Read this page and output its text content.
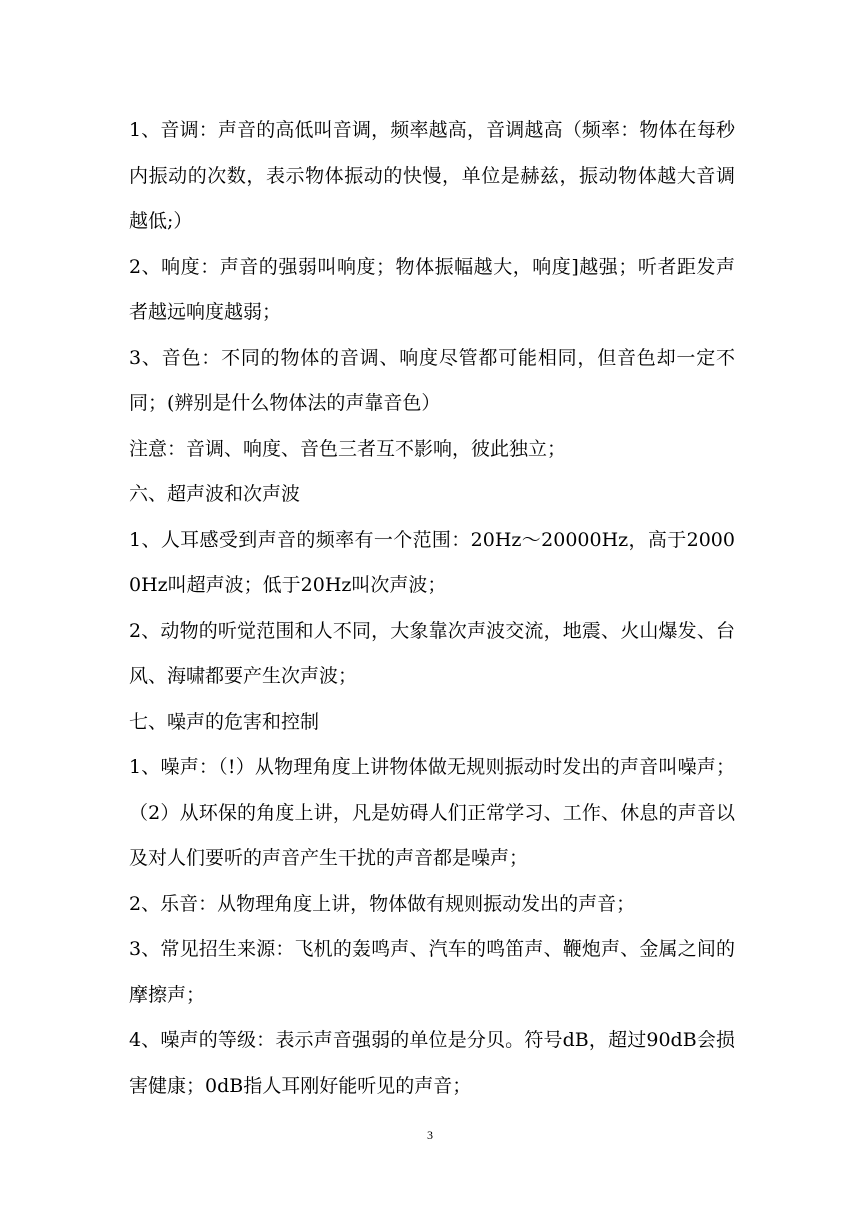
1、音调：声音的高低叫音调，频率越高，音调越高（频率：物体在每秒内振动的次数，表示物体振动的快慢，单位是赫兹，振动物体越大音调越低;）

2、响度：声音的强弱叫响度；物体振幅越大，响度]越强；听者距发声者越远响度越弱；

3、音色：不同的物体的音调、响度尽管都可能相同，但音色却一定不同；(辨别是什么物体法的声靠音色）

注意：音调、响度、音色三者互不影响，彼此独立；

六、超声波和次声波

1、人耳感受到声音的频率有一个范围：20Hz～20000Hz，高于20000Hz叫超声波；低于20Hz叫次声波；

2、动物的听觉范围和人不同，大象靠次声波交流，地震、火山爆发、台风、海啸都要产生次声波；

七、噪声的危害和控制

1、噪声：（!）从物理角度上讲物体做无规则振动时发出的声音叫噪声；（2）从环保的角度上讲，凡是妨碍人们正常学习、工作、休息的声音以及对人们要听的声音产生干扰的声音都是噪声；

2、乐音：从物理角度上讲，物体做有规则振动发出的声音；

3、常见招生来源：飞机的轰鸣声、汽车的鸣笛声、鞭炮声、金属之间的摩擦声；

4、噪声的等级：表示声音强弱的单位是分贝。符号dB，超过90dB会损害健康；0dB指人耳刚好能听见的声音；

3
